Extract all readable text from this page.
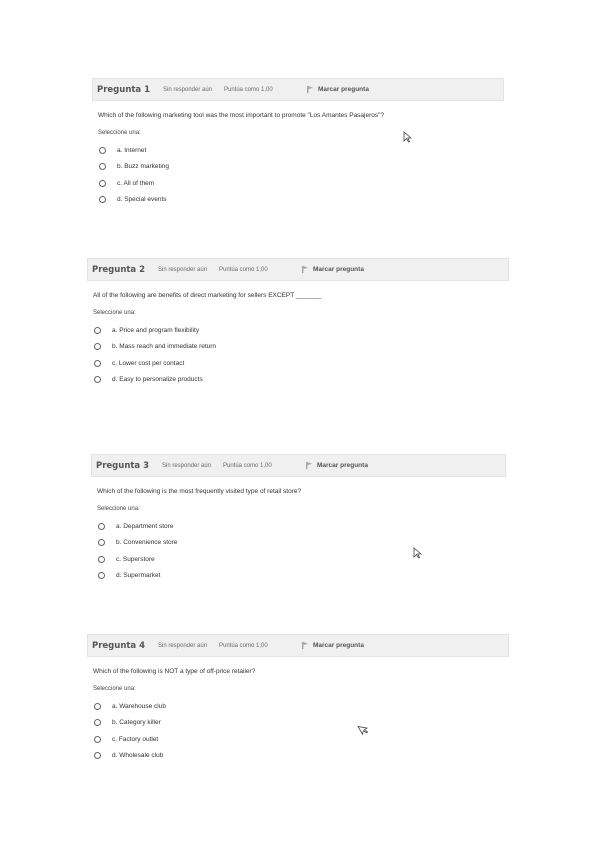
Pregunta 1	Sin responder aún	Puntúa como 1,00	Marcar pregunta
Which of the following marketing tool was the most important to promote "Los Amantes Pasajeros"?
Seleccione una:
a. Internet
b. Buzz marketing
c. All of them
d. Special events
Pregunta 2	Sin responder aún	Puntúa como 1,00	Marcar pregunta
All of the following are benefits of direct marketing for sellers EXCEPT _______
Seleccione una:
a. Price and program flexibility
b. Mass reach and immediate return
c. Lower cost per contact
d. Easy to personalize products
Pregunta 3	Sin responder aún	Puntúa como 1,00	Marcar pregunta
Which of the following is the most frequently visited type of retail store?
Seleccione una:
a. Department store
b. Convenience store
c. Superstore
d. Supermarket
Pregunta 4	Sin responder aún	Puntúa como 1,00	Marcar pregunta
Which of the following is NOT a type of off-price retailer?
Seleccione una:
a. Warehouse club
b. Category killer
c. Factory outlet
d. Wholesale club
